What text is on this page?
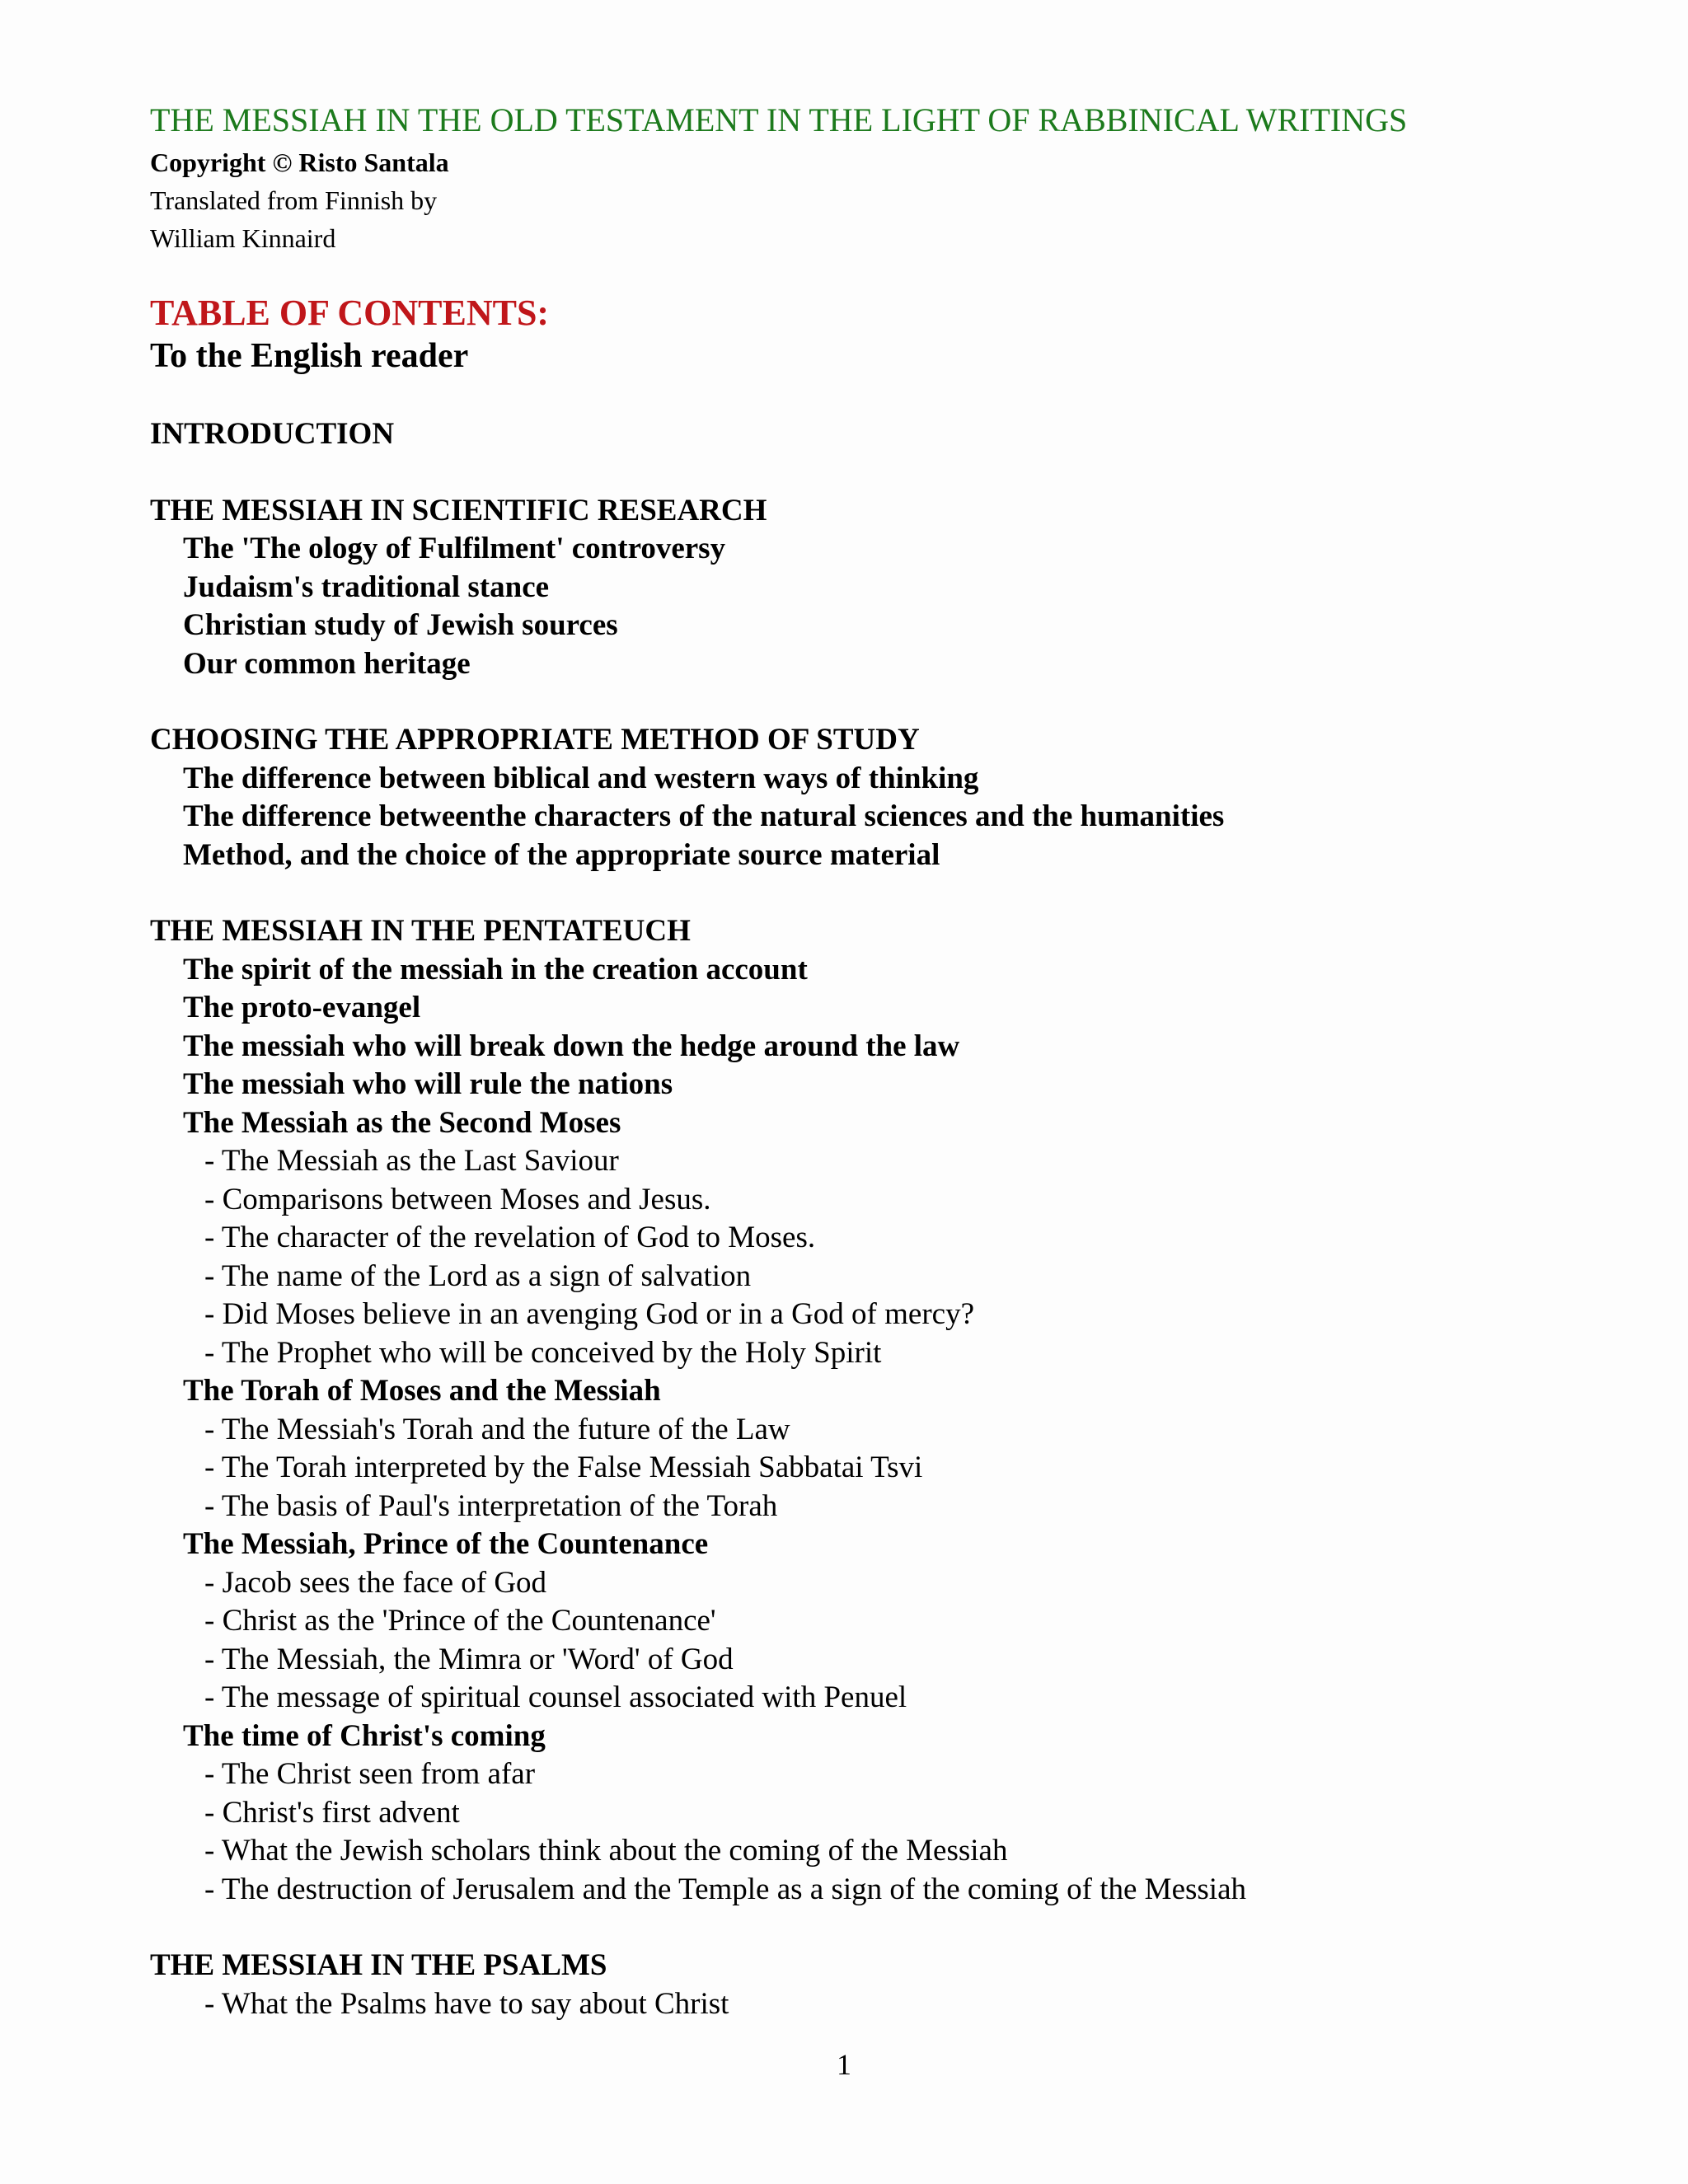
THE MESSIAH IN THE OLD TESTAMENT IN THE LIGHT OF RABBINICAL WRITINGS
Copyright © Risto Santala
Translated from Finnish by
William Kinnaird
TABLE OF CONTENTS:
To the English reader
INTRODUCTION
THE MESSIAH IN SCIENTIFIC RESEARCH
The 'The ology of Fulfilment' controversy
Judaism's traditional stance
Christian study of Jewish sources
Our common heritage
CHOOSING THE APPROPRIATE METHOD OF STUDY
The difference between biblical and western ways of thinking
The difference betweenthe characters of the natural sciences and the humanities
Method, and the choice of the appropriate source material
THE MESSIAH IN THE PENTATEUCH
The spirit of the messiah in the creation account
The proto-evangel
The messiah who will break down the hedge around the law
The messiah who will rule the nations
The Messiah as the Second Moses
- The Messiah as the Last Saviour
- Comparisons between Moses and Jesus.
- The character of the revelation of God to Moses.
- The name of the Lord as a sign of salvation
- Did Moses believe in an avenging God or in a God of mercy?
- The Prophet who will be conceived by the Holy Spirit
The Torah of Moses and the Messiah
- The Messiah's Torah and the future of the Law
- The Torah interpreted by the False Messiah Sabbatai Tsvi
- The basis of Paul's interpretation of the Torah
The Messiah, Prince of the Countenance
- Jacob sees the face of God
- Christ as the 'Prince of the Countenance'
- The Messiah, the Mimra or 'Word' of God
- The message of spiritual counsel associated with Penuel
The time of Christ's coming
- The Christ seen from afar
- Christ's first advent
- What the Jewish scholars think about the coming of the Messiah
- The destruction of Jerusalem and the Temple as a sign of the coming of the Messiah
THE MESSIAH IN THE PSALMS
- What the Psalms have to say about Christ
1
